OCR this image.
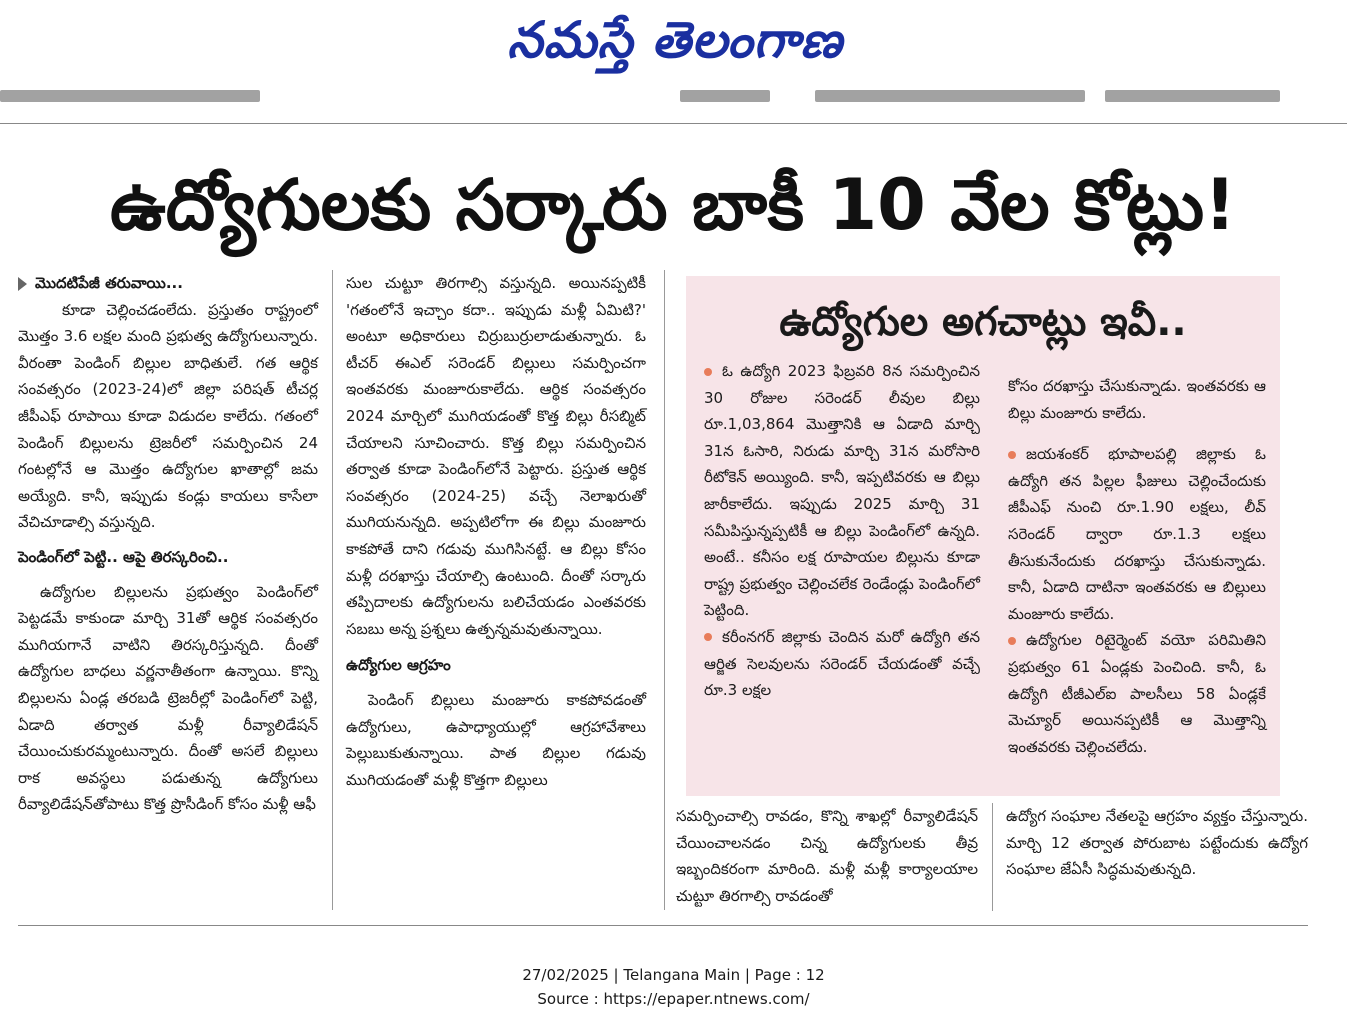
నమస్తే తెలంగాణ
ఉద్యోగులకు సర్కారు బాకీ 10 వేల కోట్లు!

మొదటిపేజీ తరువాయి...

కూడా చెల్లించడంలేదు. ప్రస్తుతం రాష్ట్రంలో మొత్తం 3.6 లక్షల మంది ప్రభుత్వ ఉద్యోగులున్నారు. వీరంతా పెండింగ్ బిల్లుల బాధితులే. గత ఆర్థిక సంవత్సరం (2023-24)లో జిల్లా పరిషత్ టీచర్ల జీపీఎఫ్ రూపాయి కూడా విడుదల కాలేదు. గతంలో పెండింగ్ బిల్లులను ట్రెజరీలో సమర్పించిన 24 గంటల్లోనే ఆ మొత్తం ఉద్యోగుల ఖాతాల్లో జమ అయ్యేది. కానీ, ఇప్పుడు కండ్లు కాయలు కాసేలా వేచిచూడాల్సి వస్తున్నది.

పెండింగ్‌లో పెట్టి.. ఆపై తిరస్కరించి..

ఉద్యోగుల బిల్లులను ప్రభుత్వం పెండింగ్‌లో పెట్టడమే కాకుండా మార్చి 31తో ఆర్థిక సంవత్సరం ముగియగానే వాటిని తిరస్కరిస్తున్నది. దీంతో ఉద్యోగుల బాధలు వర్ణనాతీతంగా ఉన్నాయి. కొన్ని బిల్లులను ఏండ్ల తరబడి ట్రెజరీల్లో పెండింగ్‌లో పెట్టి, ఏడాది తర్వాత మళ్లీ రీవ్యాలిడేషన్ చేయించుకురమ్మంటున్నారు. దీంతో అసలే బిల్లులు రాక అవస్థలు పడుతున్న ఉద్యోగులు రీవ్యాలిడేషన్‌తోపాటు కొత్త ప్రొసీడింగ్ కోసం మళ్లీ ఆఫీ

సుల చుట్టూ తిరగాల్సి వస్తున్నది. అయినప్పటికీ 'గతంలోనే ఇచ్చాం కదా.. ఇప్పుడు మళ్లీ ఏమిటి?' అంటూ అధికారులు చిర్రుబుర్రులాడుతున్నారు. ఓ టీచర్ ఈఎల్ సరెండర్ బిల్లులు సమర్పించగా ఇంతవరకు మంజూరుకాలేదు. ఆర్థిక సంవత్సరం 2024 మార్చిలో ముగియడంతో కొత్త బిల్లు రీసబ్మిట్ చేయాలని సూచించారు. కొత్త బిల్లు సమర్పించిన తర్వాత కూడా పెండింగ్‌లోనే పెట్టారు. ప్రస్తుత ఆర్థిక సంవత్సరం (2024-25) వచ్చే నెలాఖరుతో ముగియనున్నది. అప్పటిలోగా ఈ బిల్లు మంజూరు కాకపోతే దాని గడువు ముగిసినట్టే. ఆ బిల్లు కోసం మళ్లీ దరఖాస్తు చేయాల్సి ఉంటుంది. దీంతో సర్కారు తప్పిదాలకు ఉద్యోగులను బలిచేయడం ఎంతవరకు సబబు అన్న ప్రశ్నలు ఉత్పన్నమవుతున్నాయి.

ఉద్యోగుల ఆగ్రహం

పెండింగ్ బిల్లులు మంజూరు కాకపోవడంతో ఉద్యోగులు, ఉపాధ్యాయుల్లో ఆగ్రహావేశాలు పెల్లుబుకుతున్నాయి. పాత బిల్లుల గడువు ముగియడంతో మళ్లీ కొత్తగా బిల్లులు

ఉద్యోగుల అగచాట్లు ఇవీ..

ఓ ఉద్యోగి 2023 ఫిబ్రవరి 8న సమర్పించిన 30 రోజుల సరెండర్ లీవుల బిల్లు రూ.1,03,864 మొత్తానికి ఆ ఏడాది మార్చి 31న ఓసారి, నిరుడు మార్చి 31న మరోసారి రీటోకెన్ అయ్యింది. కానీ, ఇప్పటివరకు ఆ బిల్లు జారీకాలేదు. ఇప్పుడు 2025 మార్చి 31 సమీపిస్తున్నప్పటికీ ఆ బిల్లు పెండింగ్‌లో ఉన్నది. అంటే.. కనీసం లక్ష రూపాయల బిల్లును కూడా రాష్ట్ర ప్రభుత్వం చెల్లించలేక రెండేండ్లు పెండింగ్‌లో పెట్టింది.

కరీంనగర్ జిల్లాకు చెందిన మరో ఉద్యోగి తన ఆర్జిత సెలవులను సరెండర్ చేయడంతో వచ్చే రూ.3 లక్షల

కోసం దరఖాస్తు చేసుకున్నాడు. ఇంతవరకు ఆ బిల్లు మంజూరు కాలేదు.

జయశంకర్ భూపాలపల్లి జిల్లాకు ఓ ఉద్యోగి తన పిల్లల ఫీజులు చెల్లించేందుకు జీపీఎఫ్ నుంచి రూ.1.90 లక్షలు, లీవ్ సరెండర్ ద్వారా రూ.1.3 లక్షలు తీసుకునేందుకు దరఖాస్తు చేసుకున్నాడు. కానీ, ఏడాది దాటినా ఇంతవరకు ఆ బిల్లులు మంజూరు కాలేదు.

ఉద్యోగుల రిటైర్మెంట్ వయో పరిమితిని ప్రభుత్వం 61 ఏండ్లకు పెంచింది. కానీ, ఓ ఉద్యోగి టీజీఎల్ఐ పాలసీలు 58 ఏండ్లకే మెచ్యూర్ అయినప్పటికీ ఆ మొత్తాన్ని ఇంతవరకు చెల్లించలేదు.

సమర్పించాల్సి రావడం, కొన్ని శాఖల్లో రీవ్యాలిడేషన్ చేయించాలనడం చిన్న ఉద్యోగులకు తీవ్ర ఇబ్బందికరంగా మారింది. మళ్లీ మళ్లీ కార్యాలయాల చుట్టూ తిరగాల్సి రావడంతో

ఉద్యోగ సంఘాల నేతలపై ఆగ్రహం వ్యక్తం చేస్తున్నారు. మార్చి 12 తర్వాత పోరుబాట పట్టేందుకు ఉద్యోగ సంఘాల జేఏసీ సిద్ధమవుతున్నది.

27/02/2025 | Telangana Main | Page : 12
Source : https://epaper.ntnews.com/
